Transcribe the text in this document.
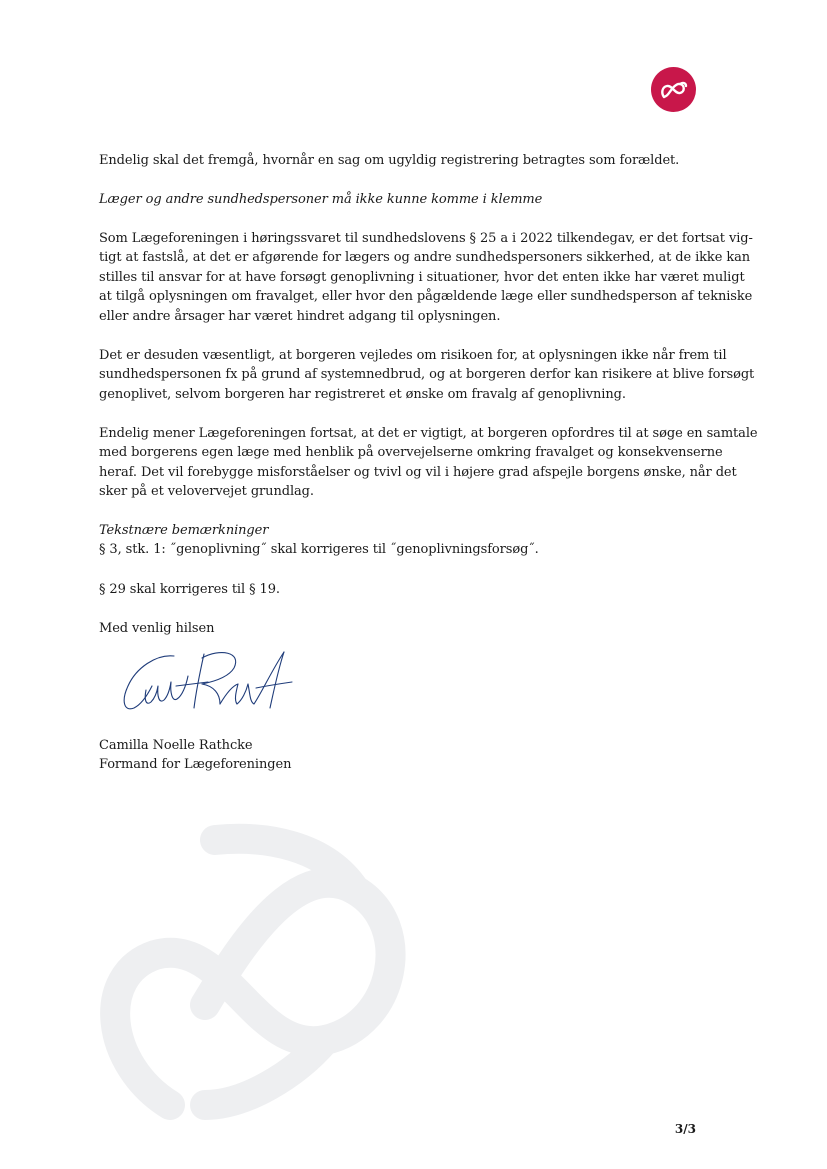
Endelig skal det fremgå, hvornår en sag om ugyldig registrering betragtes som forældet.
Læger og andre sundhedspersoner må ikke kunne komme i klemme
Som Lægeforeningen i høringssvaret til sundhedslovens § 25 a i 2022 tilkendegav, er det fortsat vig-
tigt at fastslå, at det er afgørende for lægers og andre sundhedspersoners sikkerhed, at de ikke kan
stilles til ansvar for at have forsøgt genoplivning i situationer, hvor det enten ikke har været muligt
at tilgå oplysningen om fravalget, eller hvor den pågældende læge eller sundhedsperson af tekniske
eller andre årsager har været hindret adgang til oplysningen.
Det er desuden væsentligt, at borgeren vejledes om risikoen for, at oplysningen ikke når frem til
sundhedspersonen fx på grund af systemnedbrud, og at borgeren derfor kan risikere at blive forsøgt
genoplivet, selvom borgeren har registreret et ønske om fravalg af genoplivning.
Endelig mener Lægeforeningen fortsat, at det er vigtigt, at borgeren opfordres til at søge en samtale
med borgerens egen læge med henblik på overvejelserne omkring fravalget og konsekvenserne
heraf. Det vil forebygge misforståelser og tvivl og vil i højere grad afspejle borgens ønske, når det
sker på et velovervejet grundlag.
Tekstnære bemærkninger
§ 3, stk. 1: ˝genoplivning˝ skal korrigeres til ˝genoplivningsforsøg˝.
§ 29 skal korrigeres til § 19.
Med venlig hilsen
Camilla Noelle Rathcke
Formand for Lægeforeningen
3/3
